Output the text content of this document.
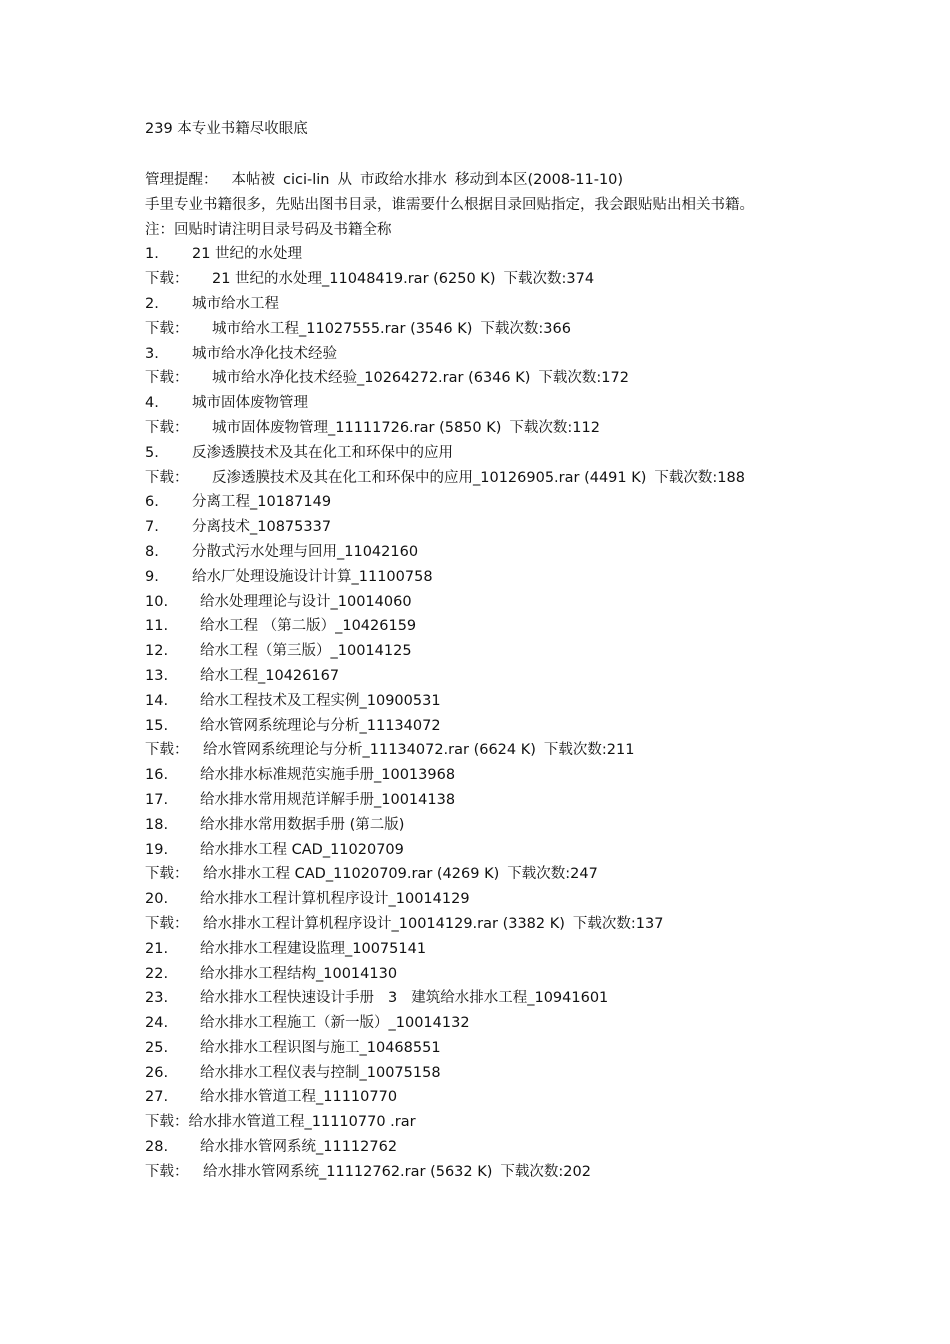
239 本专业书籍尽收眼底
管理提醒： 本帖被 cici-lin 从 市政给水排水 移动到本区(2008-11-10)
手里专业书籍很多，先贴出图书目录，谁需要什么根据目录回贴指定，我会跟贴贴出相关书籍。
注：回贴时请注明目录号码及书籍全称
1. 21 世纪的水处理
下载： 21 世纪的水处理_11048419.rar (6250 K) 下载次数:374
2. 城市给水工程
下载： 城市给水工程_11027555.rar (3546 K) 下载次数:366
3. 城市给水净化技术经验
下载： 城市给水净化技术经验_10264272.rar (6346 K) 下载次数:172
4. 城市固体废物管理
下载： 城市固体废物管理_11111726.rar (5850 K) 下载次数:112
5. 反渗透膜技术及其在化工和环保中的应用
下载： 反渗透膜技术及其在化工和环保中的应用_10126905.rar (4491 K) 下载次数:188
6. 分离工程_10187149
7. 分离技术_10875337
8. 分散式污水处理与回用_11042160
9. 给水厂处理设施设计计算_11100758
10. 给水处理理论与设计_10014060
11. 给水工程 （第二版）_10426159
12. 给水工程（第三版）_10014125
13. 给水工程_10426167
14. 给水工程技术及工程实例_10900531
15. 给水管网系统理论与分析_11134072
下载： 给水管网系统理论与分析_11134072.rar (6624 K) 下载次数:211
16. 给水排水标准规范实施手册_10013968
17. 给水排水常用规范详解手册_10014138
18. 给水排水常用数据手册 (第二版)
19. 给水排水工程 CAD_11020709
下载： 给水排水工程 CAD_11020709.rar (4269 K) 下载次数:247
20. 给水排水工程计算机程序设计_10014129
下载： 给水排水工程计算机程序设计_10014129.rar (3382 K) 下载次数:137
21. 给水排水工程建设监理_10075141
22. 给水排水工程结构_10014130
23. 给水排水工程快速设计手册 3 建筑给水排水工程_10941601
24. 给水排水工程施工（新一版）_10014132
25. 给水排水工程识图与施工_10468551
26. 给水排水工程仪表与控制_10075158
27. 给水排水管道工程_11110770
下载：给水排水管道工程_11110770 .rar
28. 给水排水管网系统_11112762
下载： 给水排水管网系统_11112762.rar (5632 K) 下载次数:202
